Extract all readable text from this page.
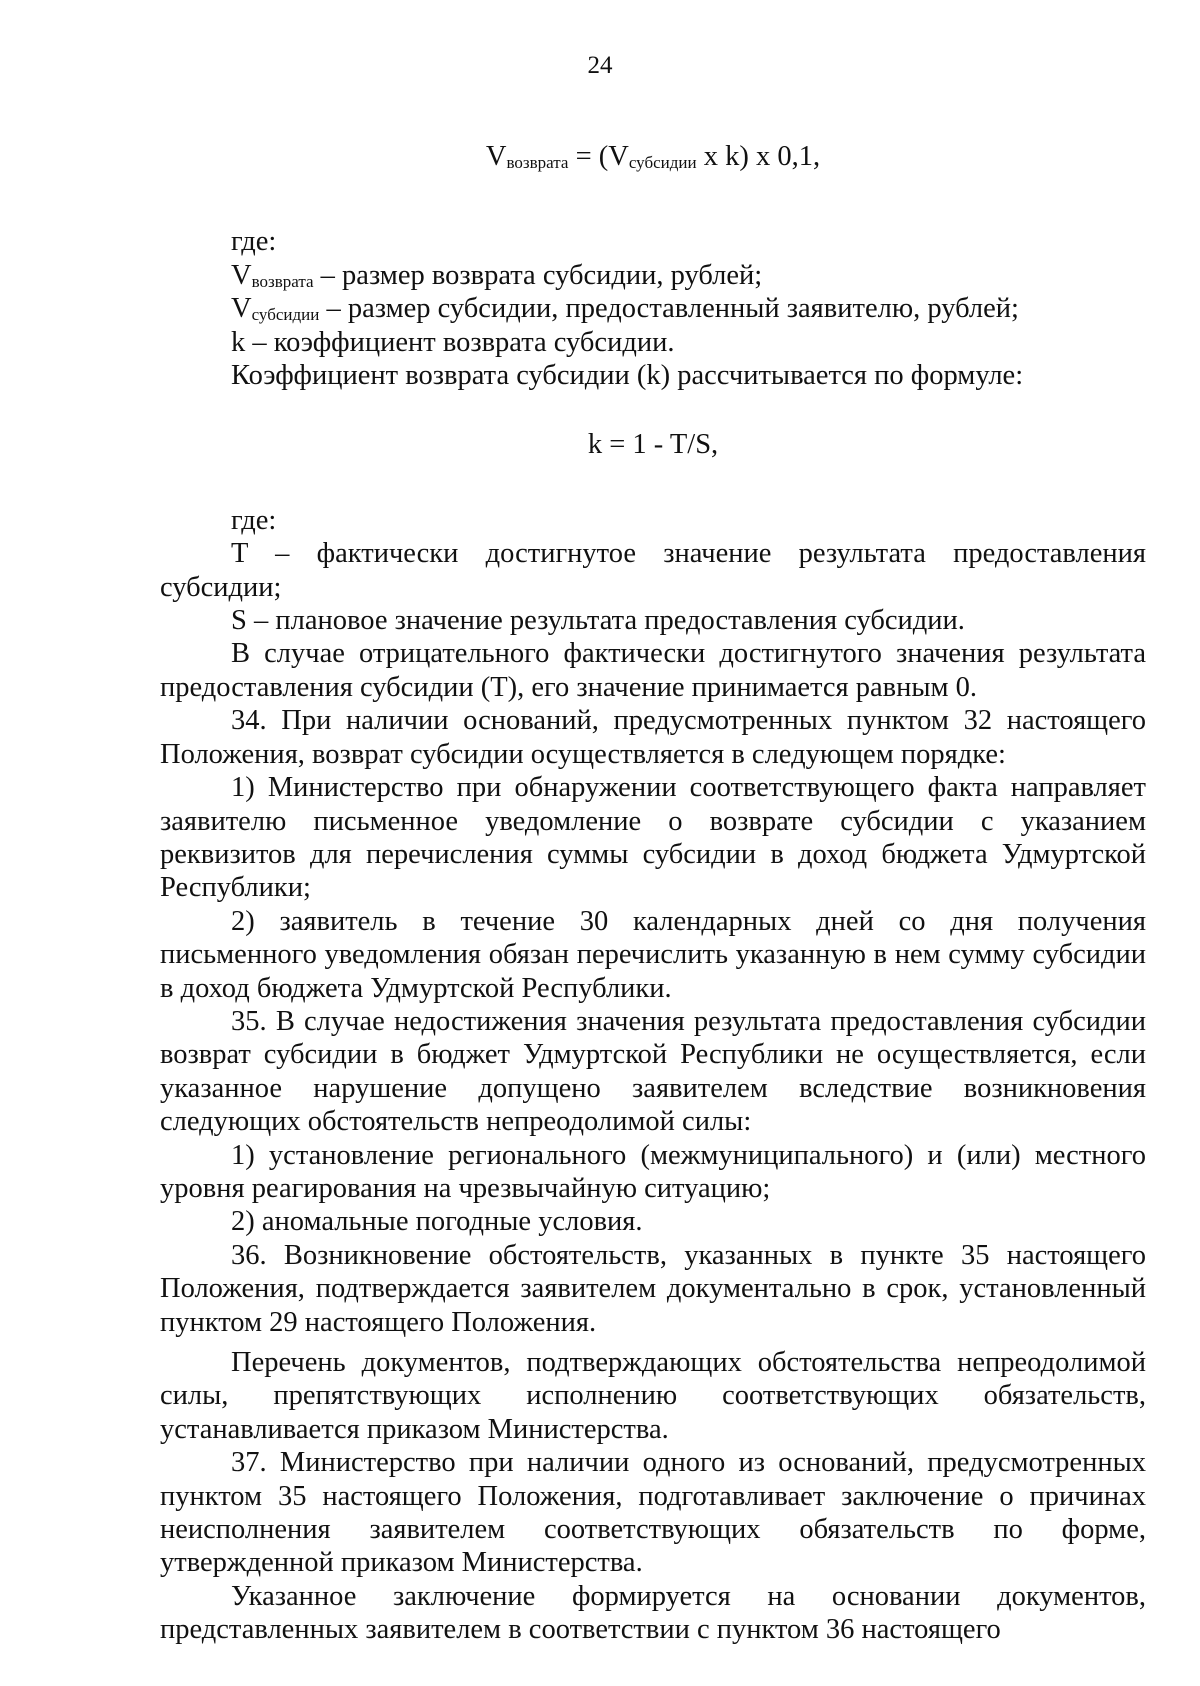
24
$V_{возврата} = (V_{субсидии}$ x k) x 0,1,

где:

$V_{возврата}$ – размер возврата субсидии, рублей;

$V_{субсидии}$ – размер субсидии, предоставленный заявителю, рублей;

k – коэффициент возврата субсидии.

Коэффициент возврата субсидии (k) рассчитывается по формуле:

k = 1 - T/S,

где:

T – фактически достигнутое значение результата предоставления субсидии;

S – плановое значение результата предоставления субсидии.

В случае отрицательного фактически достигнутого значения результата предоставления субсидии (T), его значение принимается равным 0.

34. При наличии оснований, предусмотренных пунктом 32 настоящего Положения, возврат субсидии осуществляется в следующем порядке:

1) Министерство при обнаружении соответствующего факта направляет заявителю письменное уведомление о возврате субсидии с указанием реквизитов для перечисления суммы субсидии в доход бюджета Удмуртской Республики;

2) заявитель в течение 30 календарных дней со дня получения письменного уведомления обязан перечислить указанную в нем сумму субсидии в доход бюджета Удмуртской Республики.

35. В случае недостижения значения результата предоставления субсидии возврат субсидии в бюджет Удмуртской Республики не осуществляется, если указанное нарушение допущено заявителем вследствие возникновения следующих обстоятельств непреодолимой силы:

1) установление регионального (межмуниципального) и (или) местного уровня реагирования на чрезвычайную ситуацию;

2) аномальные погодные условия.

36. Возникновение обстоятельств, указанных в пункте 35 настоящего Положения, подтверждается заявителем документально в срок, установленный пунктом 29 настоящего Положения.

Перечень документов, подтверждающих обстоятельства непреодолимой силы, препятствующих исполнению соответствующих обязательств, устанавливается приказом Министерства.

37. Министерство при наличии одного из оснований, предусмотренных пунктом 35 настоящего Положения, подготавливает заключение о причинах неисполнения заявителем соответствующих обязательств по форме, утвержденной приказом Министерства.

Указанное заключение формируется на основании документов, представленных заявителем в соответствии с пунктом 36 настоящего
